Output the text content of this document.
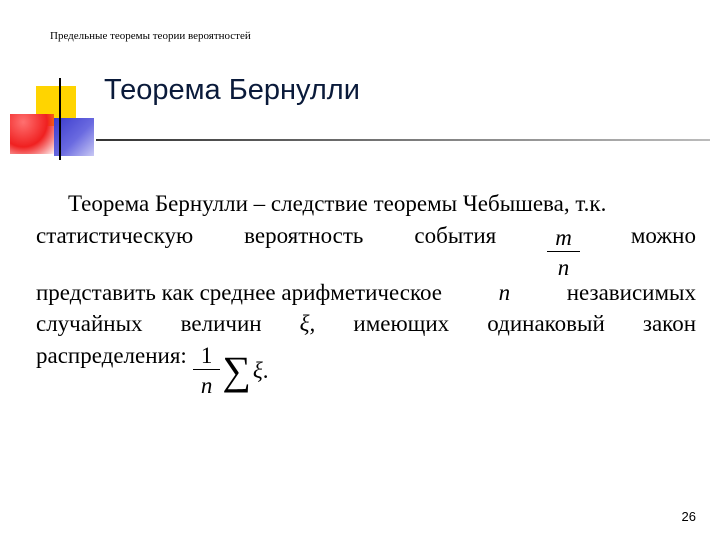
Предельные теоремы теории вероятностей
Теорема Бернулли
Теорема Бернулли – следствие теоремы Чебышева, т.к.
статистическую вероятность события $\frac{m}{n}$ можно
представить как среднее арифметическое n независимых
случайных величин ξ, имеющих одинаковый закон
распределения: $\frac{1}{n}$ ∑ ξ .
26
